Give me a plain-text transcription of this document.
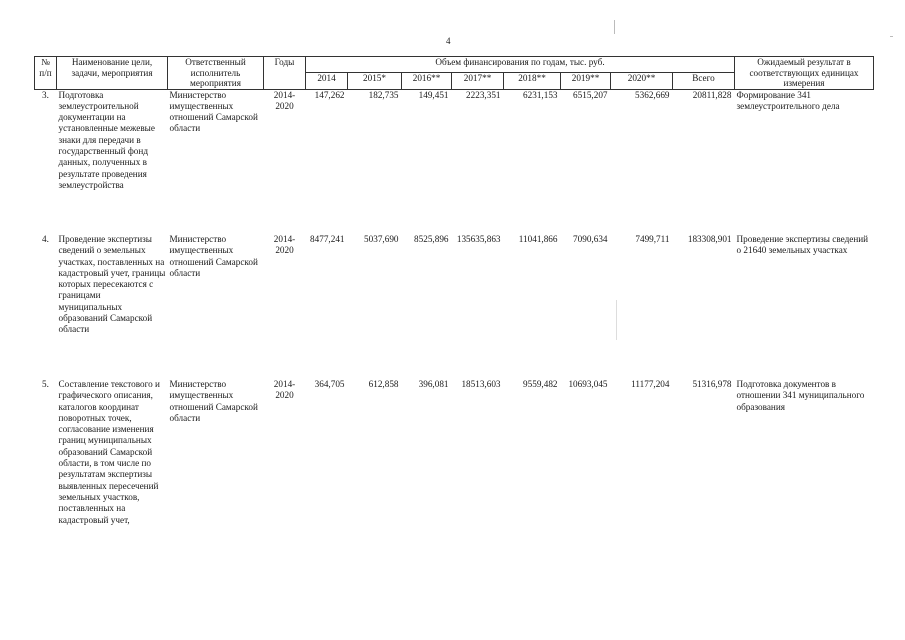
4
№ п/п	Наименование цели, задачи, мероприятия	Ответственный исполнитель мероприятия	Годы	Объем финансирования по годам, тыс. руб.								Ожидаемый результат в соответствующих единицах измерения
				2014	2015*	2016**	2017**	2018**	2019**	2020**	Всего	
3.	Подготовка землеустроительной документации на установленные межевые знаки для передачи в государственный фонд данных, полученных в результате проведения землеустройства	Министерство имущественных отношений Самарской области	2014-2020	147,262	182,735	149,451	2223,351	6231,153	6515,207	5362,669	20811,828	Формирование 341 землеустроительного дела
4.	Проведение экспертизы сведений о земельных участках, поставленных на кадастровый учет, границы которых пересекаются с границами муниципальных образований Самарской области	Министерство имущественных отношений Самарской области	2014-2020	8477,241	5037,690	8525,896	135635,863	11041,866	7090,634	7499,711	183308,901	Проведение экспертизы сведений о 21640 земельных участках
5.	Составление текстового и графического описания, каталогов координат поворотных точек, согласование изменения границ муниципальных образований Самарской области, в том числе по результатам экспертизы выявленных пересечений земельных участков, поставленных на кадастровый учет,	Министерство имущественных отношений Самарской области	2014-2020	364,705	612,858	396,081	18513,603	9559,482	10693,045	11177,204	51316,978	Подготовка документов в отношении 341 муниципального образования
